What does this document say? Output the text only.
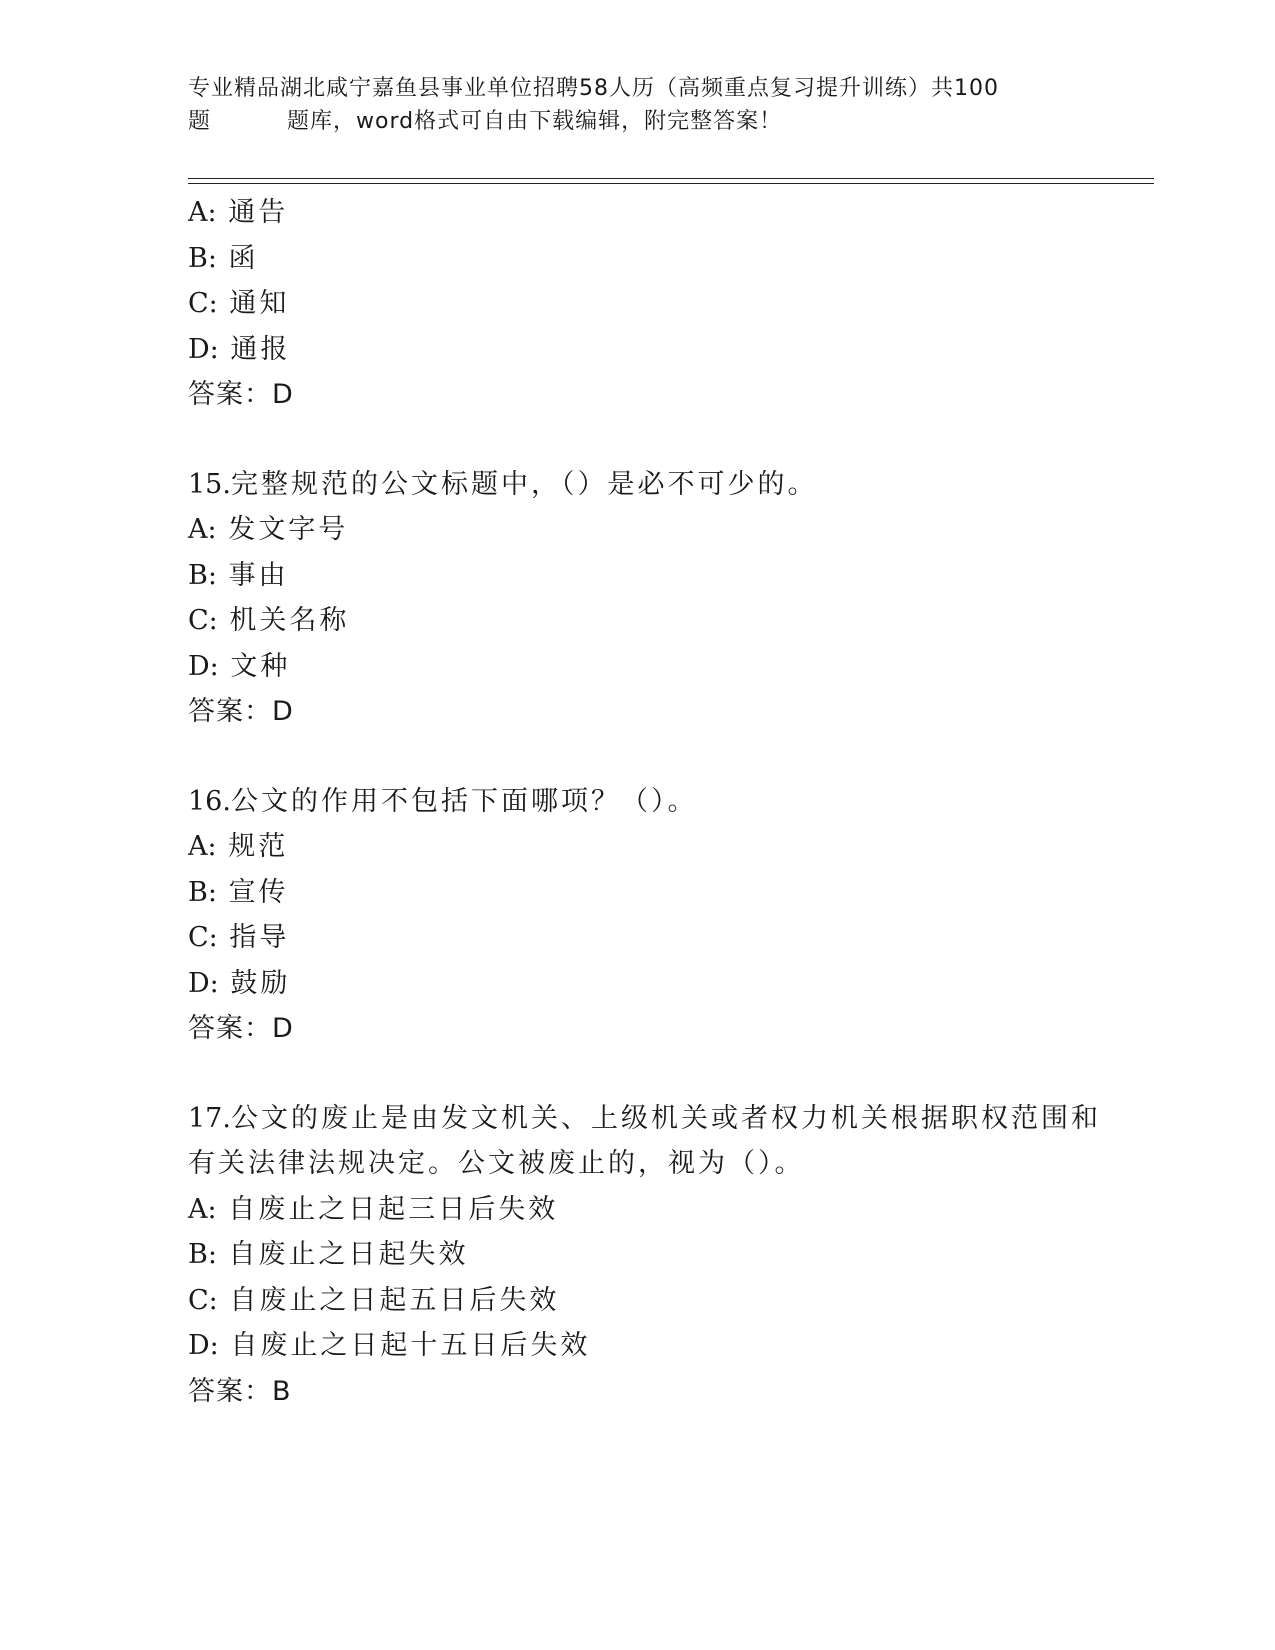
专业精品湖北咸宁嘉鱼县事业单位招聘58人历（高频重点复习提升训练）共100
题	题库，word格式可自由下载编辑，附完整答案！
A: 通告
B: 函
C: 通知
D: 通报
答案：D
15.完整规范的公文标题中，（）是必不可少的。
A: 发文字号
B: 事由
C: 机关名称
D: 文种
答案：D
16.公文的作用不包括下面哪项？（）。
A: 规范
B: 宣传
C: 指导
D: 鼓励
答案：D
17.公文的废止是由发文机关、上级机关或者权力机关根据职权范围和
有关法律法规决定。公文被废止的，视为（）。
A: 自废止之日起三日后失效
B: 自废止之日起失效
C: 自废止之日起五日后失效
D: 自废止之日起十五日后失效
答案：B
